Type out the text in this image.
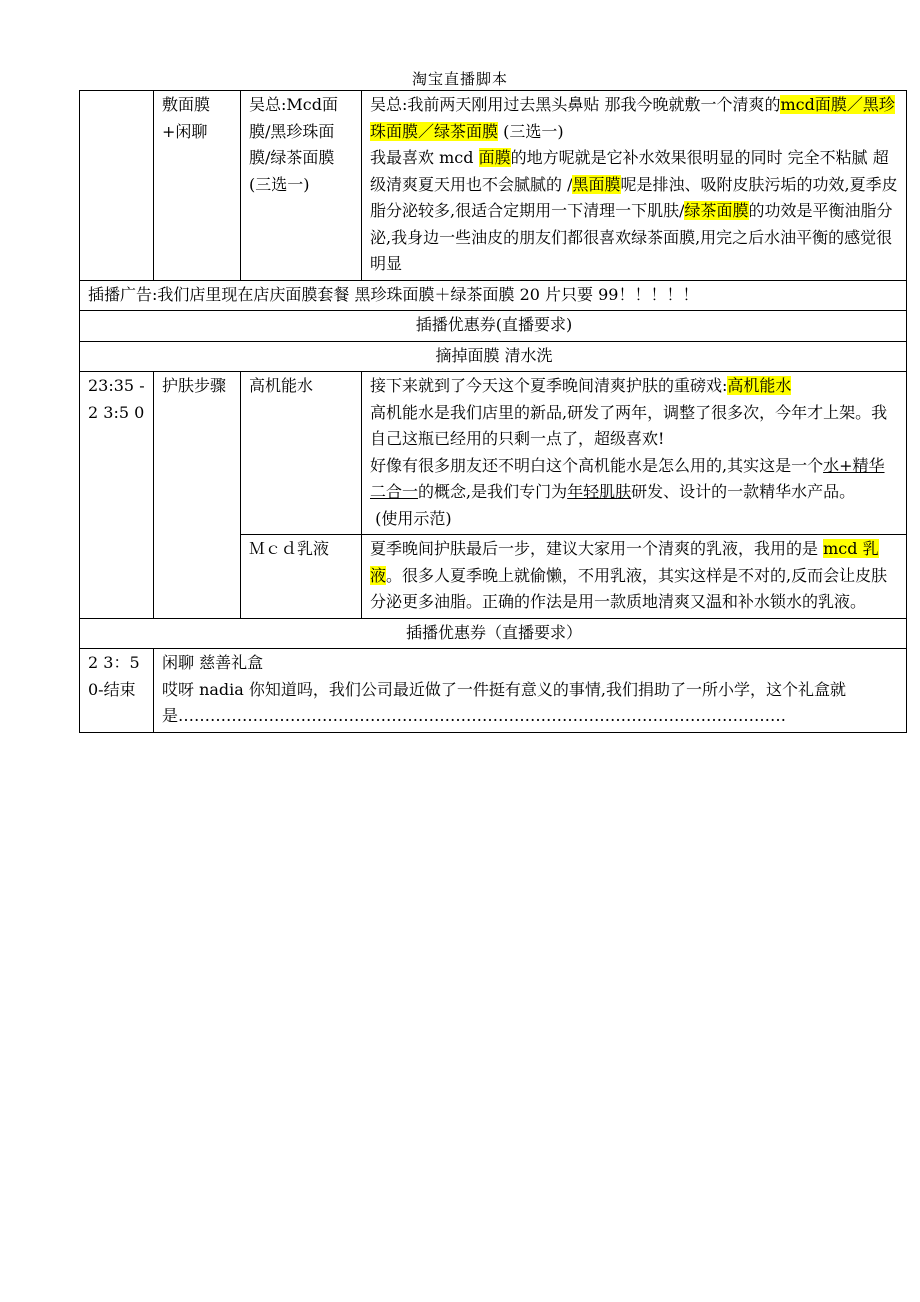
淘宝直播脚本
	敷面膜+闲聊	吴总:Mcd面膜/黑珍珠面膜/绿茶面膜(三选一)	吴总:我前两天刚用过去黑头鼻贴 那我今晚就敷一个清爽的mcd面膜／黑珍珠面膜／绿茶面膜 (三选一)
我最喜欢 mcd 面膜的地方呢就是它补水效果很明显的同时 完全不粘腻 超级清爽夏天用也不会腻腻的 /黑面膜呢是排浊、吸附皮肤污垢的功效,夏季皮脂分泌较多,很适合定期用一下清理一下肌肤/绿茶面膜的功效是平衡油脂分泌,我身边一些油皮的朋友们都很喜欢绿茶面膜,用完之后水油平衡的感觉很明显
插播广告:我们店里现在店庆面膜套餐 黑珍珠面膜＋绿茶面膜 20 片只要 99！！！！！			
插播优惠券(直播要求)			
摘掉面膜 清水洗			
23:35 - 2 3:5 0	护肤步骤	高机能水	接下来就到了今天这个夏季晚间清爽护肤的重磅戏:高机能水
高机能水是我们店里的新品,研发了两年，调整了很多次，今年才上架。我自己这瓶已经用的只剩一点了，超级喜欢!
好像有很多朋友还不明白这个高机能水是怎么用的,其实这是一个水+精华二合一的概念,是我们专门为年轻肌肤研发、设计的一款精华水产品。
(使用示范)
		Ｍｃｄ乳液	夏季晚间护肤最后一步，建议大家用一个清爽的乳液，我用的是 mcd 乳液。很多人夏季晚上就偷懒，不用乳液，其实这样是不对的,反而会让皮肤分泌更多油脂。正确的作法是用一款质地清爽又温和补水锁水的乳液。
插播优惠券（直播要求）			
2 3：5 0-结束	闲聊 慈善礼盒
哎呀 nadia 你知道吗，我们公司最近做了一件挺有意义的事情,我们捐助了一所小学，这个礼盒就
是……………………………………………………………………………………………………		
